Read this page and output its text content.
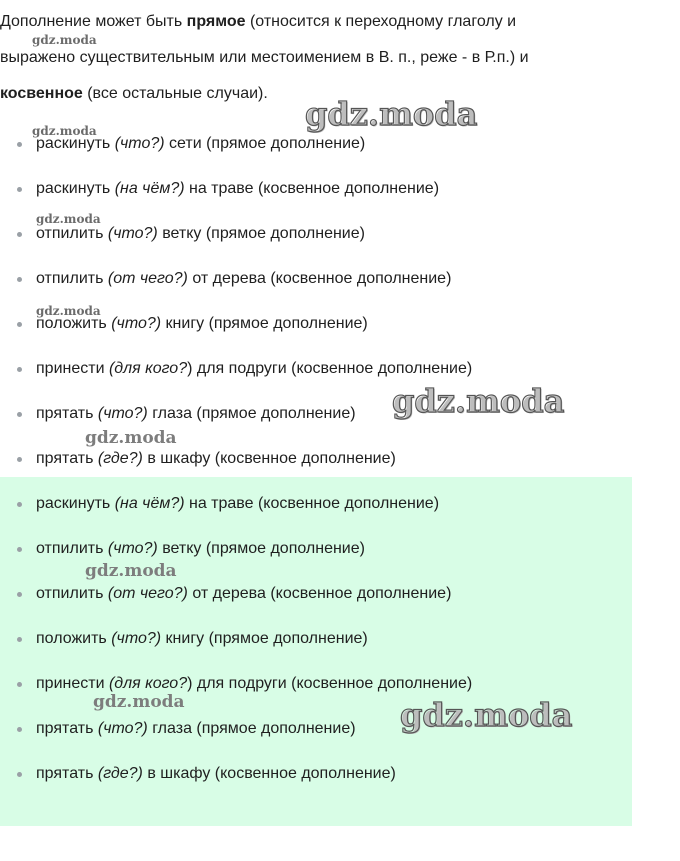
Дополнение может быть прямое (относится к переходному глаголу и

выражено существительным или местоимением в В. п., реже - в Р.п.) и

косвенное (все остальные случаи).

раскинуть (что?) сети (прямое дополнение)
раскинуть (на чём?) на траве (косвенное дополнение)
отпилить (что?) ветку (прямое дополнение)
отпилить (от чего?) от дерева (косвенное дополнение)
положить (что?) книгу (прямое дополнение)
принести (для кого?) для подруги (косвенное дополнение)
прятать (что?) глаза (прямое дополнение)
прятать (где?) в шкафу (косвенное дополнение)
раскинуть (на чём?) на траве (косвенное дополнение)
отпилить (что?) ветку (прямое дополнение)
отпилить (от чего?) от дерева (косвенное дополнение)
положить (что?) книгу (прямое дополнение)
принести (для кого?) для подруги (косвенное дополнение)
прятать (что?) глаза (прямое дополнение)
прятать (где?) в шкафу (косвенное дополнение)
gdz.moda
gdz.moda
gdz.moda
gdz.moda
gdz.moda
gdz.moda
gdz.moda
gdz.moda
gdz.moda	gdz.moda
